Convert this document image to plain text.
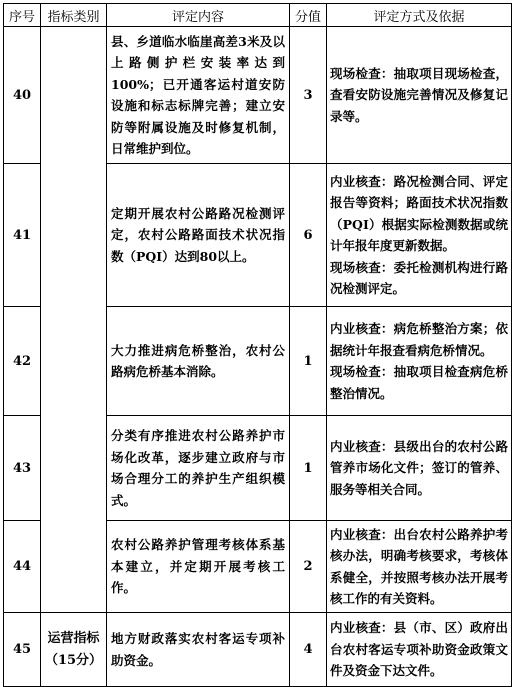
序号	指标类别	评定内容	分值	评定方式及依据
40		县、乡道临水临崖高差3米及以上路侧护栏安装率达到100%；已开通客运村道安防设施和标志标牌完善；建立安防等附属设施及时修复机制，日常维护到位。	3	现场检查：抽取项目现场检查，查看安防设施完善情况及修复记录等。

41		定期开展农村公路路况检测评定，农村公路路面技术状况指数（PQI）达到80以上。	6	内业核查：路况检测合同、评定报告等资料；路面技术状况指数（PQI）根据实际检测数据或统计年报年度更新数据。
现场核查：委托检测机构进行路况检测评定。

42		大力推进病危桥整治，农村公路病危桥基本消除。	1	内业核查：病危桥整治方案；依据统计年报查看病危桥情况。
现场检查：抽取项目检查病危桥整治情况。

43		分类有序推进农村公路养护市场化改革，逐步建立政府与市场合理分工的养护生产组织模式。	1	内业核查：县级出台的农村公路管养市场化文件；签订的管养、服务等相关合同。

44		农村公路养护管理考核体系基本建立，并定期开展考核工作。	2	内业核查：出台农村公路养护考核办法，明确考核要求，考核体系健全，并按照考核办法开展考核工作的有关资料。

45	运营指标（15分）	地方财政落实农村客运专项补助资金。	4	内业核查：县（市、区）政府出台农村客运专项补助资金政策文件及资金下达文件。
